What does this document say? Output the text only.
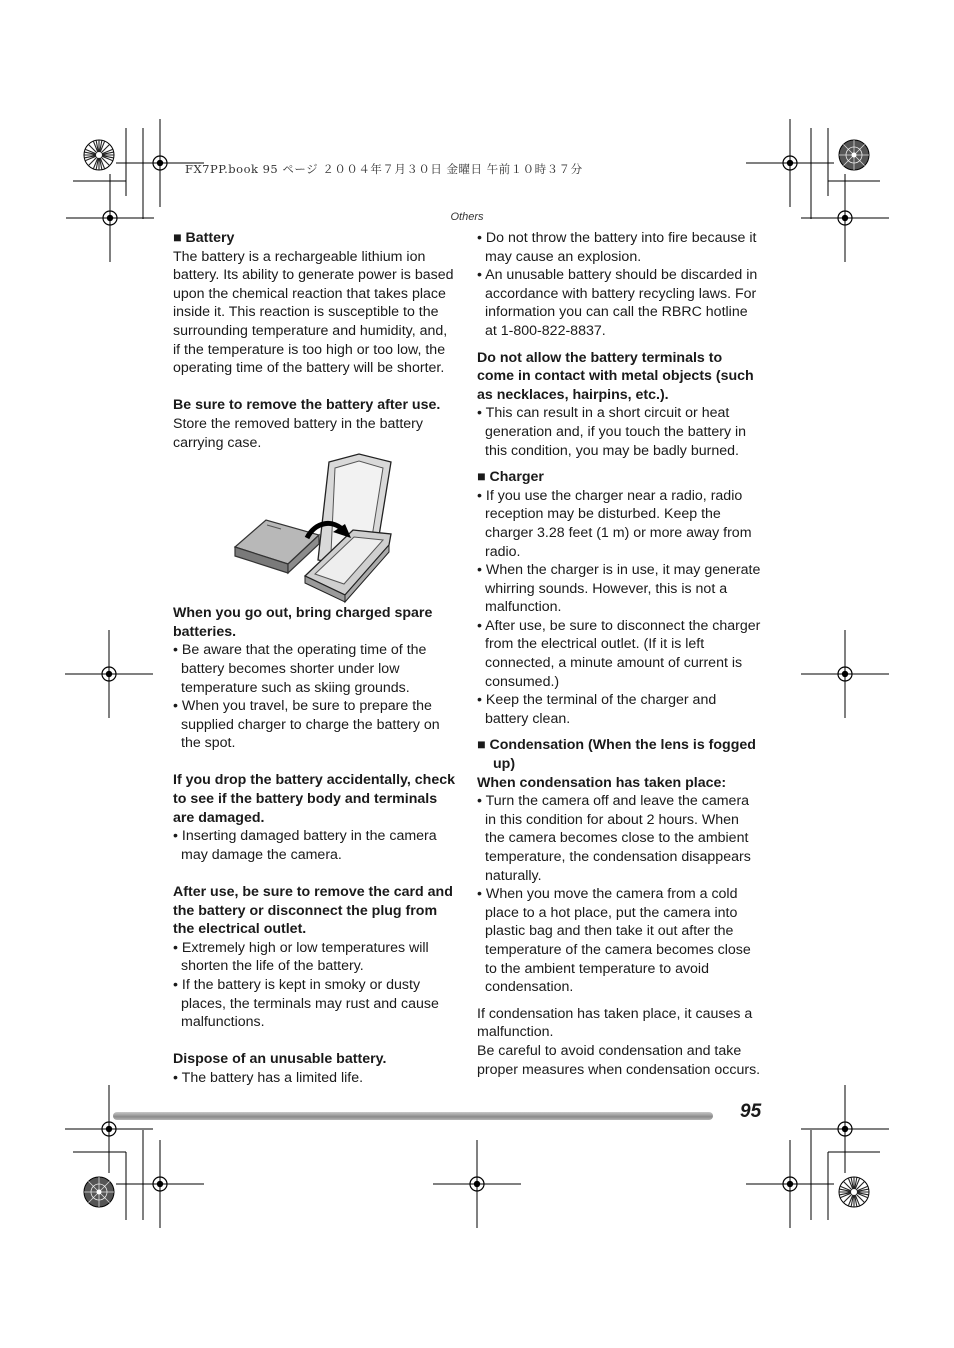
FX7PP.book 95 ページ ２００４年７月３０日 金曜日 午前１０時３７分
Others

■ Battery

The battery is a rechargeable lithium ion battery. Its ability to generate power is based upon the chemical reaction that takes place inside it. This reaction is susceptible to the surrounding temperature and humidity, and, if the temperature is too high or too low, the operating time of the battery will be shorter.

Be sure to remove the battery after use.

Store the removed battery in the battery carrying case.

When you go out, bring charged spare batteries.

• Be aware that the operating time of the battery becomes shorter under low temperature such as skiing grounds.
• When you travel, be sure to prepare the supplied charger to charge the battery on the spot.

If you drop the battery accidentally, check to see if the battery body and terminals are damaged.

• Inserting damaged battery in the camera may damage the camera.

After use, be sure to remove the card and the battery or disconnect the plug from the electrical outlet.

• Extremely high or low temperatures will shorten the life of the battery.
• If the battery is kept in smoky or dusty places, the terminals may rust and cause malfunctions.

Dispose of an unusable battery.

• The battery has a limited life.
• Do not throw the battery into fire because it may cause an explosion.
• An unusable battery should be discarded in accordance with battery recycling laws. For information you can call the RBRC hotline at 1-800-822-8837.

Do not allow the battery terminals to come in contact with metal objects (such as necklaces, hairpins, etc.).

• This can result in a short circuit or heat generation and, if you touch the battery in this condition, you may be badly burned.

■ Charger

• If you use the charger near a radio, radio reception may be disturbed. Keep the charger 3.28 feet (1 m) or more away from radio.
• When the charger is in use, it may generate whirring sounds. However, this is not a malfunction.
• After use, be sure to disconnect the charger from the electrical outlet. (If it is left connected, a minute amount of current is consumed.)
• Keep the terminal of the charger and battery clean.

■ Condensation (When the lens is fogged up)

When condensation has taken place:

• Turn the camera off and leave the camera in this condition for about 2 hours. When the camera becomes close to the ambient temperature, the condensation disappears naturally.
• When you move the camera from a cold place to a hot place, put the camera into plastic bag and then take it out after the temperature of the camera becomes close to the ambient temperature to avoid condensation.

If condensation has taken place, it causes a malfunction.

Be careful to avoid condensation and take proper measures when condensation occurs.

95
